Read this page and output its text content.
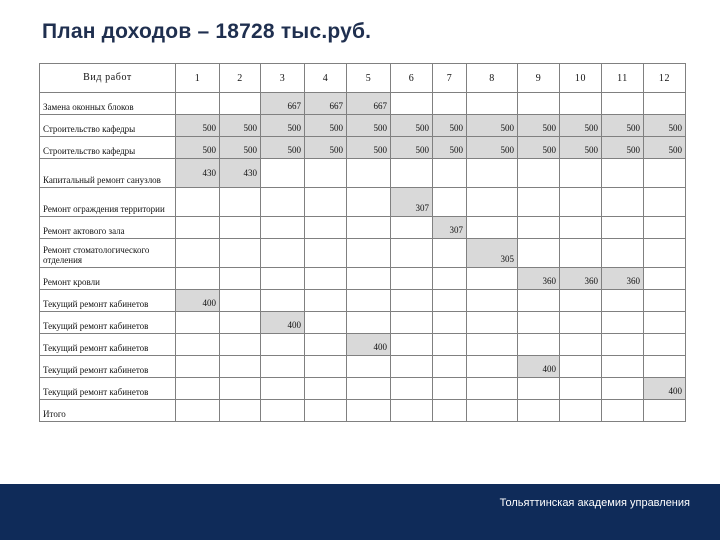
План доходов – 18728 тыс.руб.
Вид работ	1	2	3	4	5	6	7	8	9	10	11	12
Замена оконных блоков			667	667	667							
Строительство кафедры	500	500	500	500	500	500	500	500	500	500	500	500
Строительство кафедры	500	500	500	500	500	500	500	500	500	500	500	500
Капитальный ремонт санузлов	430	430										
Ремонт ограждения территории						307						
Ремонт актового зала							307					
Ремонт стоматологического отделения								305				
Ремонт кровли									360	360	360	
Текущий ремонт кабинетов	400											
Текущий ремонт кабинетов			400									
Текущий ремонт кабинетов					400							
Текущий ремонт кабинетов									400			
Текущий ремонт кабинетов												400
Итого												
Тольяттинская академия управления
